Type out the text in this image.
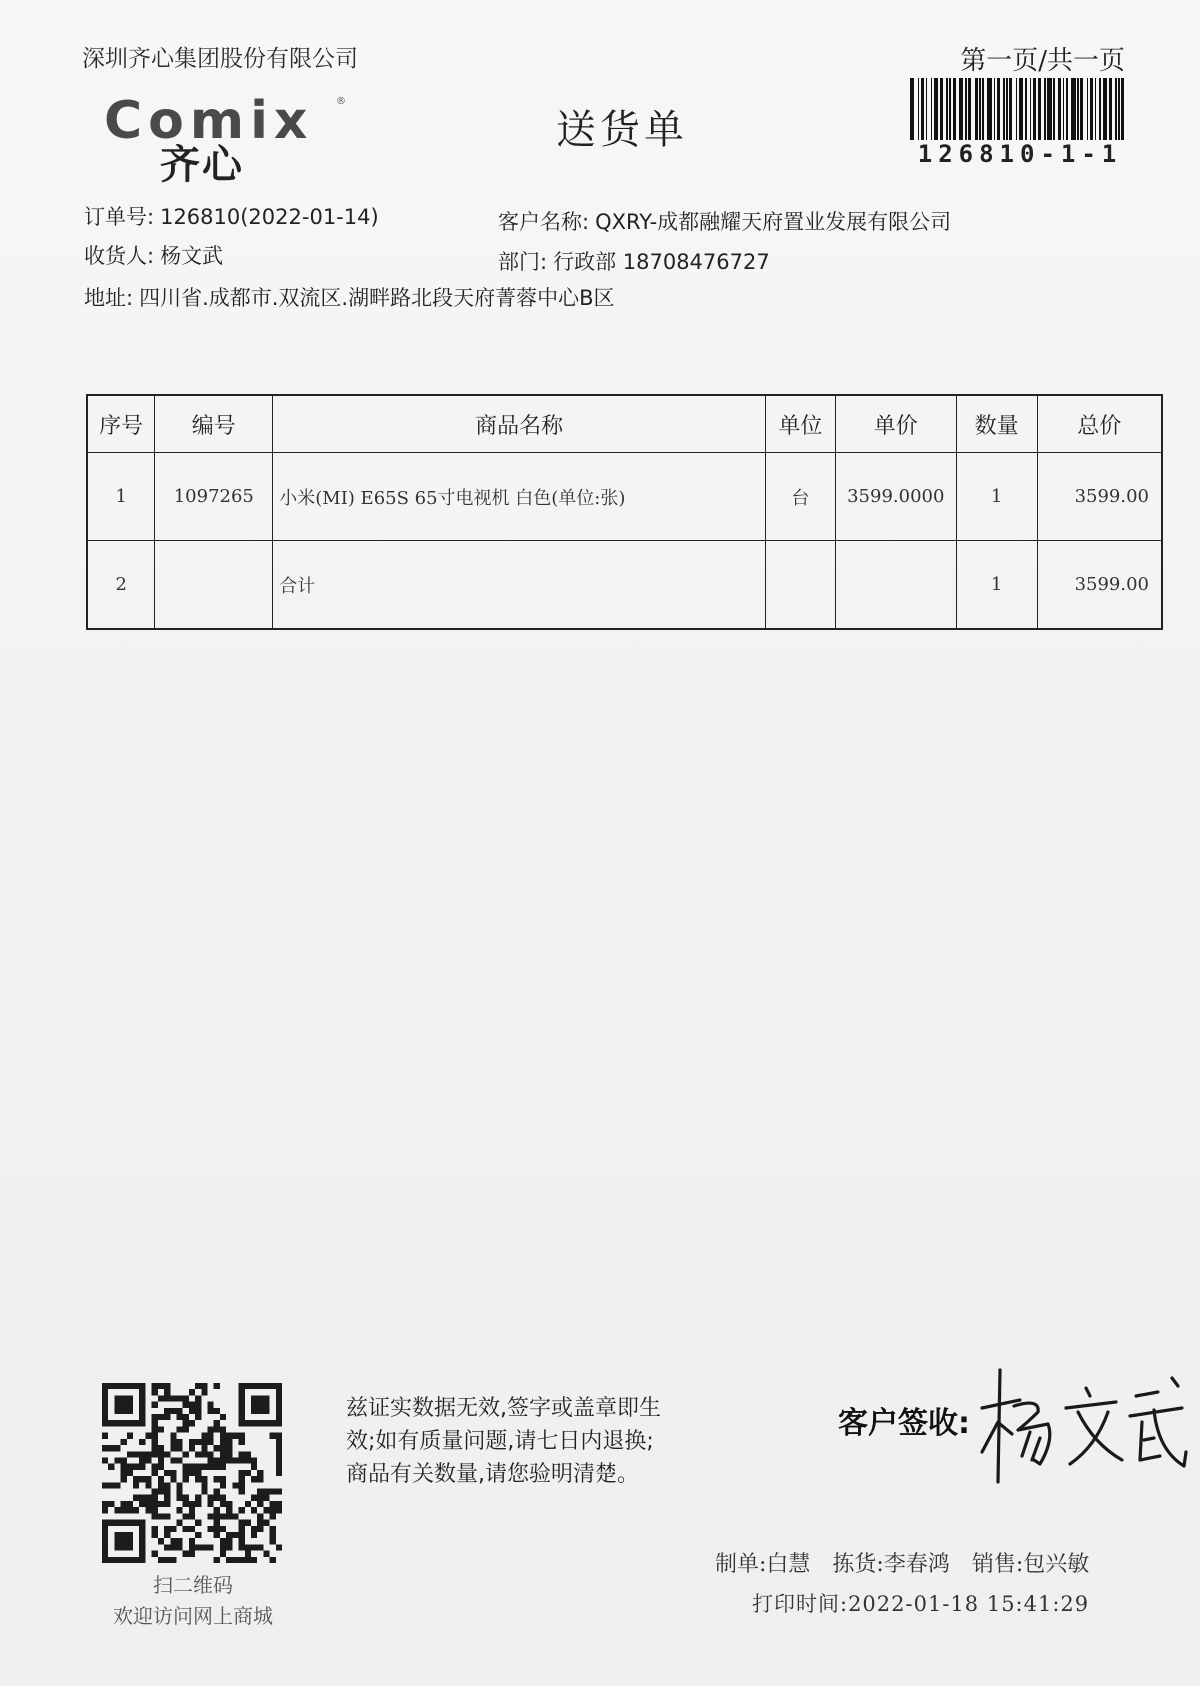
深圳齐心集团股份有限公司	第一页/共一页
Comix ®
齐心
送货单
126810-1-1
订单号: 126810(2022-01-14)	客户名称: QXRY-成都融耀天府置业发展有限公司
收货人: 杨文武	部门: 行政部 18708476727
地址: 四川省.成都市.双流区.湖畔路北段天府菁蓉中心B区
序号	编号	商品名称	单位	单价	数量	总价
1	1097265	小米(MI) E65S 65寸电视机 白色(单位:张)	台	3599.0000	1	3599.00
2		合计			1	3599.00
扫二维码
欢迎访问网上商城
兹证实数据无效,签字或盖章即生
效;如有质量问题,请七日内退换;
商品有关数量,请您验明清楚。
客户签收:
制单:白慧 拣货:李春鸿 销售:包兴敏
打印时间:2022-01-18 15:41:29
